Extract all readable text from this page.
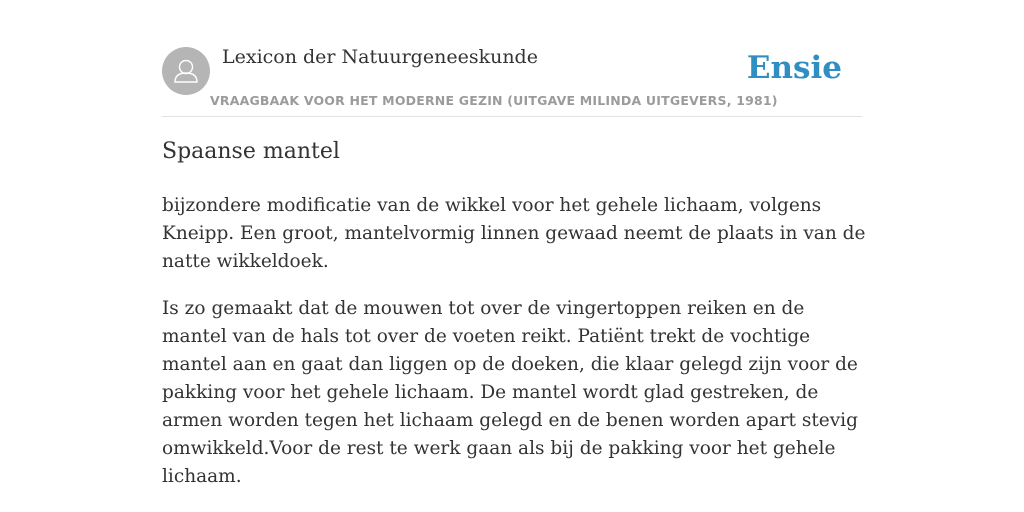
Lexicon der Natuurgeneeskunde
VRAAGBAAK VOOR HET MODERNE GEZIN (UITGAVE MILINDA UITGEVERS, 1981)
Ensie
Spaanse mantel

bijzondere modificatie van de wikkel voor het gehele lichaam, volgens Kneipp. Een groot, mantelvormig linnen gewaad neemt de plaats in van de natte wikkeldoek.

Is zo gemaakt dat de mouwen tot over de vingertoppen reiken en de mantel van de hals tot over de voeten reikt. Patiënt trekt de vochtige mantel aan en gaat dan liggen op de doeken, die klaar gelegd zijn voor de pakking voor het gehele lichaam. De mantel wordt glad gestreken, de armen worden tegen het lichaam gelegd en de benen worden apart stevig omwikkeld.Voor de rest te werk gaan als bij de pakking voor het gehele lichaam.
